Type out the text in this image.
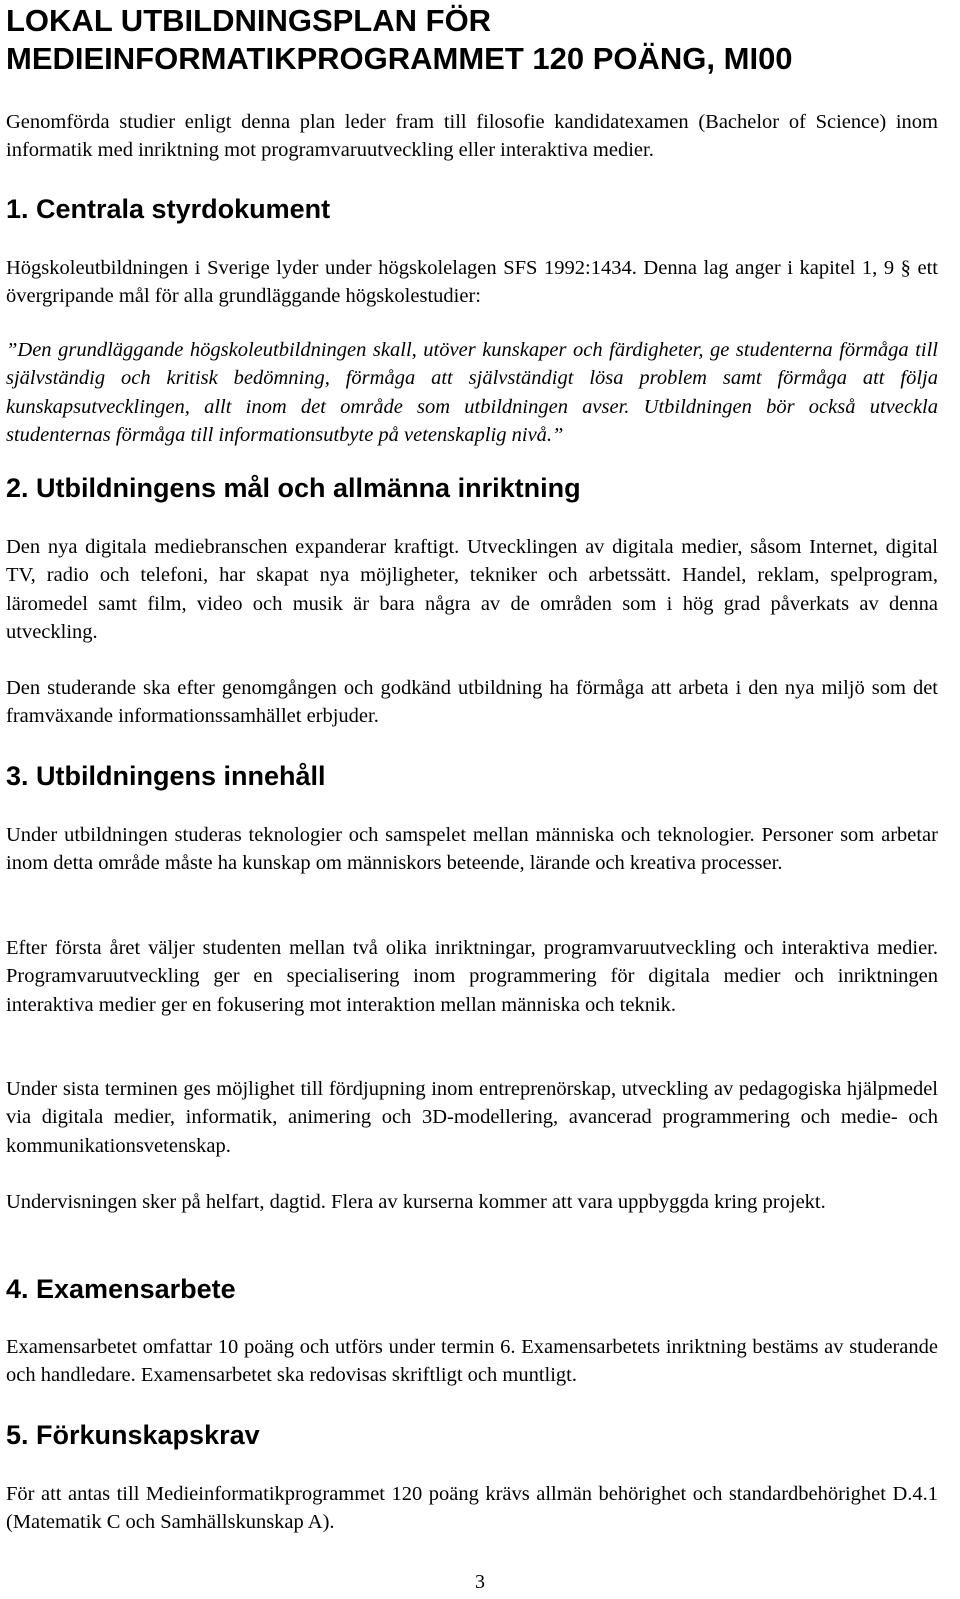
LOKAL UTBILDNINGSPLAN FÖR MEDIEINFORMATIKPROGRAMMET 120 POÄNG, MI00

Genomförda studier enligt denna plan leder fram till filosofie kandidatexamen (Bachelor of Science) inom informatik med inriktning mot programvaruutveckling eller interaktiva medier.

1. Centrala styrdokument

Högskoleutbildningen i Sverige lyder under högskolelagen SFS 1992:1434. Denna lag anger i kapitel 1, 9 § ett övergripande mål för alla grundläggande högskolestudier:

”Den grundläggande högskoleutbildningen skall, utöver kunskaper och färdigheter, ge studenterna förmåga till självständig och kritisk bedömning, förmåga att självständigt lösa problem samt förmåga att följa kunskapsutvecklingen, allt inom det område som utbildningen avser. Utbildningen bör också utveckla studenternas förmåga till informationsutbyte på vetenskaplig nivå.”

2. Utbildningens mål och allmänna inriktning

Den nya digitala mediebranschen expanderar kraftigt. Utvecklingen av digitala medier, såsom Internet, digital TV, radio och telefoni, har skapat nya möjligheter, tekniker och arbetssätt. Handel, reklam, spelprogram, läromedel samt film, video och musik är bara några av de områden som i hög grad påverkats av denna utveckling.

Den studerande ska efter genomgången och godkänd utbildning ha förmåga att arbeta i den nya miljö som det framväxande informationssamhället erbjuder.

3. Utbildningens innehåll

Under utbildningen studeras teknologier och samspelet mellan människa och teknologier. Personer som arbetar inom detta område måste ha kunskap om människors beteende, lärande och kreativa processer.

Efter första året väljer studenten mellan två olika inriktningar, programvaruutveckling och interaktiva medier. Programvaruutveckling ger en specialisering inom programmering för digitala medier och inriktningen interaktiva medier ger en fokusering mot interaktion mellan människa och teknik.

Under sista terminen ges möjlighet till fördjupning inom entreprenörskap, utveckling av pedagogiska hjälpmedel via digitala medier, informatik, animering och 3D-modellering, avancerad programmering och medie- och kommunikationsvetenskap.

Undervisningen sker på helfart, dagtid. Flera av kurserna kommer att vara uppbyggda kring projekt.

4. Examensarbete

Examensarbetet omfattar 10 poäng och utförs under termin 6. Examensarbetets inriktning bestäms av studerande och handledare. Examensarbetet ska redovisas skriftligt och muntligt.

5. Förkunskapskrav

För att antas till Medieinformatikprogrammet 120 poäng krävs allmän behörighet och standardbehörighet D.4.1 (Matematik C och Samhällskunskap A).

3
